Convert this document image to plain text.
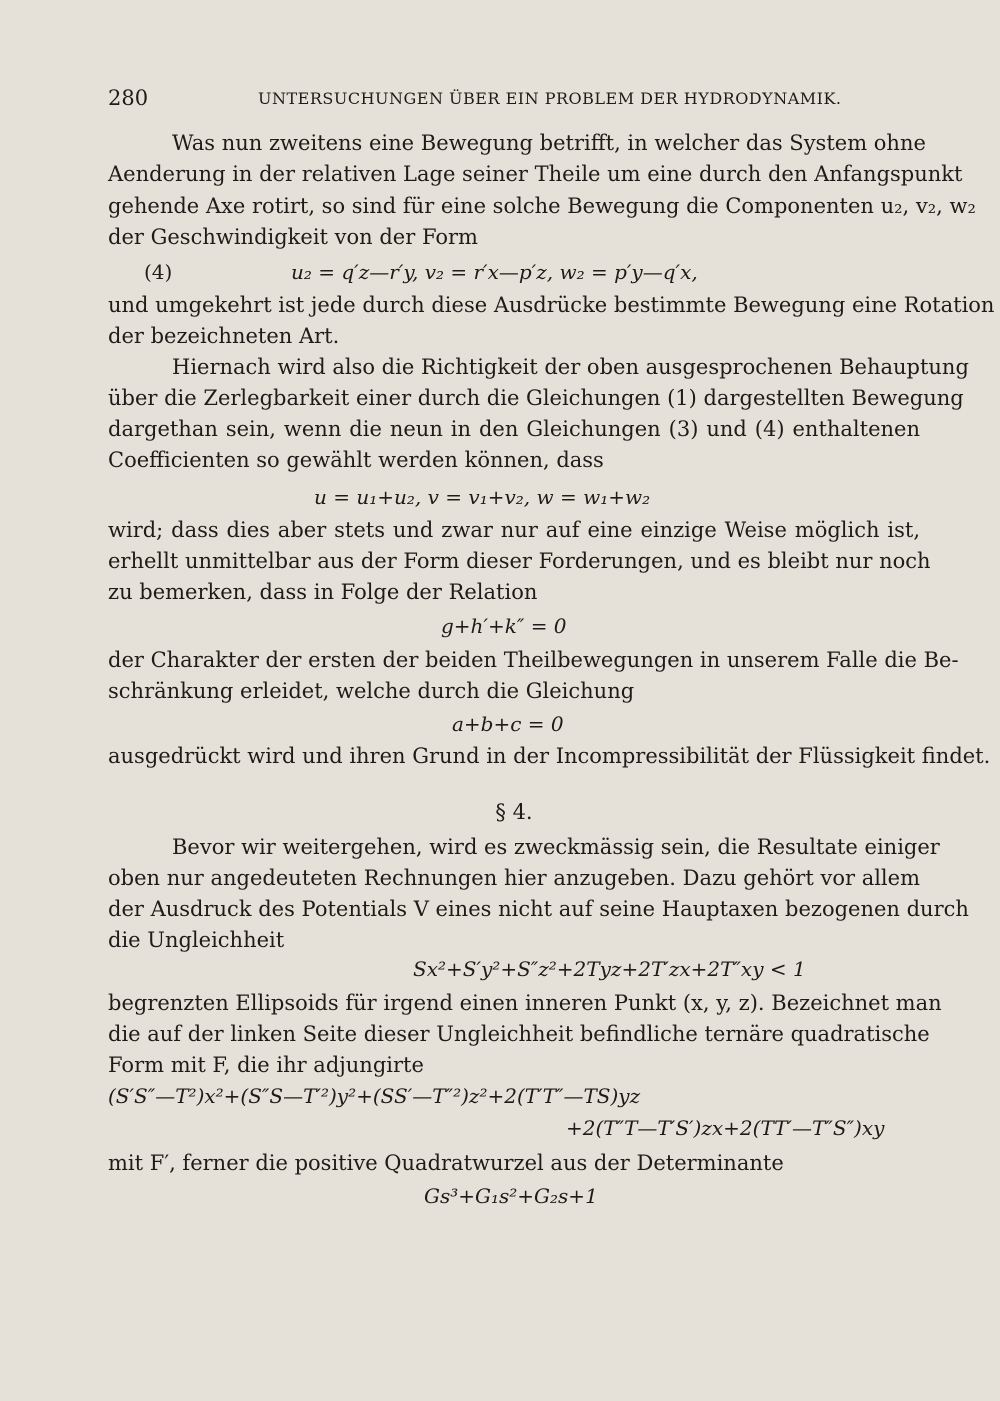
280	UNTERSUCHUNGEN ÜBER EIN PROBLEM DER HYDRODYNAMIK.
Was nun zweitens eine Bewegung betrifft, in welcher das System ohne
Aenderung in der relativen Lage seiner Theile um eine durch den Anfangspunkt
gehende Axe rotirt, so sind für eine solche Bewegung die Componenten u₂, v₂, w₂
der Geschwindigkeit von der Form
(4)	u₂ = q′z—r′y, v₂ = r′x—p′z, w₂ = p′y—q′x,
und umgekehrt ist jede durch diese Ausdrücke bestimmte Bewegung eine Rotation
der bezeichneten Art.
Hiernach wird also die Richtigkeit der oben ausgesprochenen Behauptung
über die Zerlegbarkeit einer durch die Gleichungen (1) dargestellten Bewegung
dargethan sein, wenn die neun in den Gleichungen (3) und (4) enthaltenen
Coefficienten so gewählt werden können, dass
u = u₁+u₂, v = v₁+v₂, w = w₁+w₂
wird; dass dies aber stets und zwar nur auf eine einzige Weise möglich ist,
erhellt unmittelbar aus der Form dieser Forderungen, und es bleibt nur noch
zu bemerken, dass in Folge der Relation
g+h′+k″ = 0
der Charakter der ersten der beiden Theilbewegungen in unserem Falle die Be-
schränkung erleidet, welche durch die Gleichung
a+b+c = 0
ausgedrückt wird und ihren Grund in der Incompressibilität der Flüssigkeit findet.
§ 4.
Bevor wir weitergehen, wird es zweckmässig sein, die Resultate einiger
oben nur angedeuteten Rechnungen hier anzugeben. Dazu gehört vor allem
der Ausdruck des Potentials V eines nicht auf seine Hauptaxen bezogenen durch
die Ungleichheit
Sx²+S′y²+S″z²+2Tyz+2T′zx+2T″xy < 1
begrenzten Ellipsoids für irgend einen inneren Punkt (x, y, z). Bezeichnet man
die auf der linken Seite dieser Ungleichheit befindliche ternäre quadratische
Form mit F, die ihr adjungirte
(S′S″—T²)x²+(S″S—T′²)y²+(SS′—T″²)z²+2(T′T″—TS)yz
+2(T″T—T′S′)zx+2(TT′—T″S″)xy
mit F′, ferner die positive Quadratwurzel aus der Determinante
Gs³+G₁s²+G₂s+1
